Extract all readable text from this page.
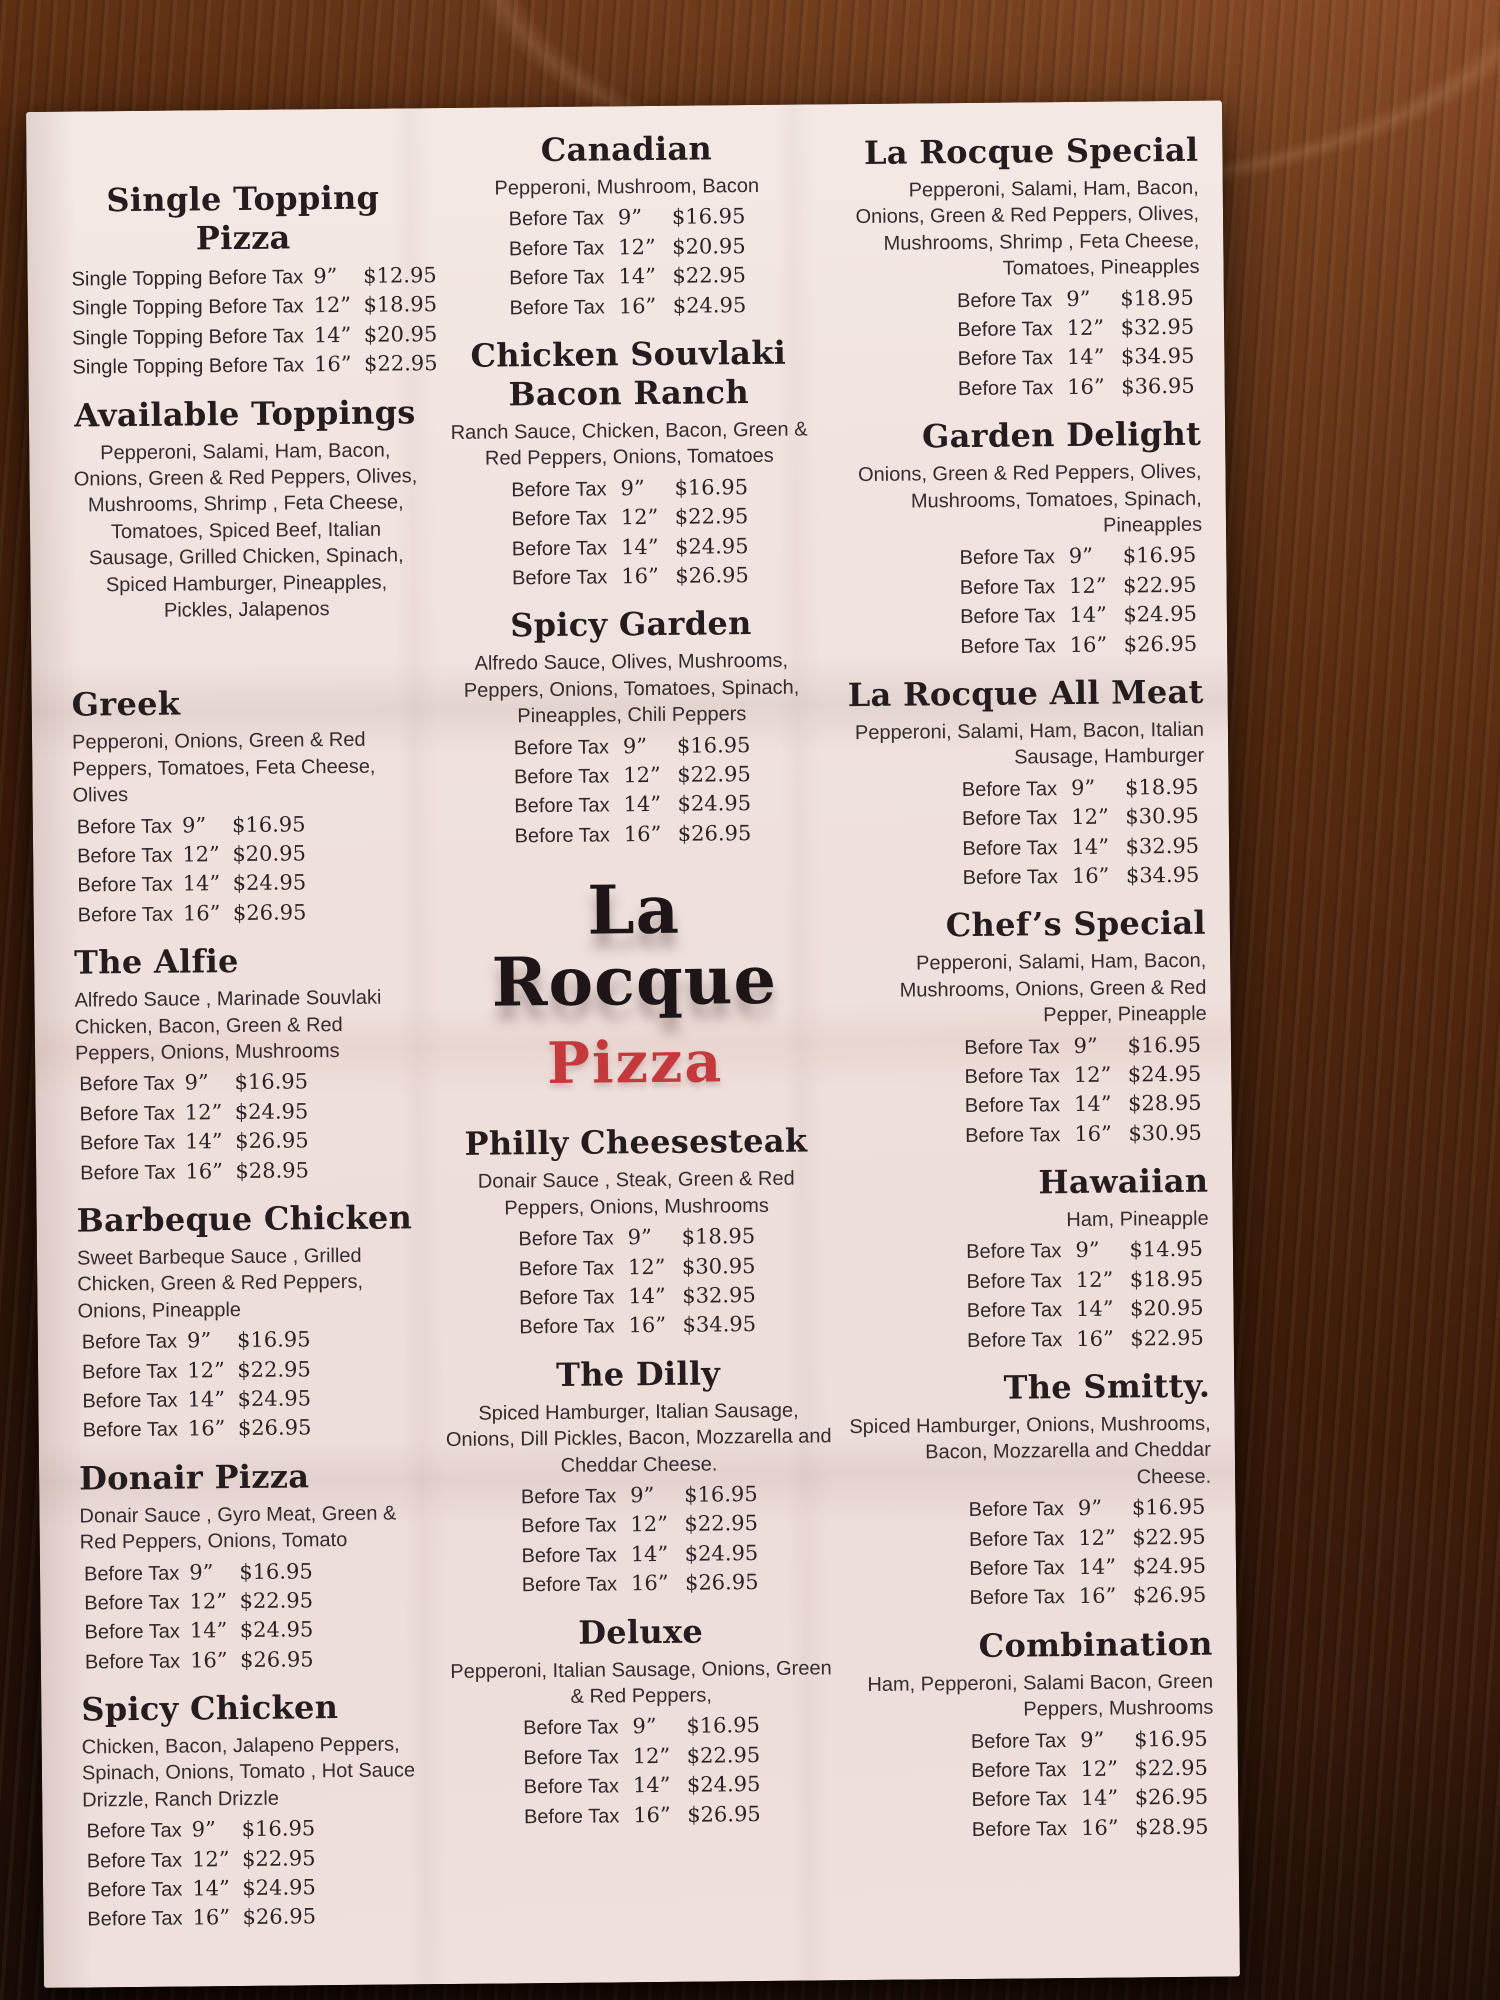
Single Topping Pizza
Single Topping Before Tax 9”	$12.95
Single Topping Before Tax 12” $18.95
Single Topping Before Tax 14” $20.95
Single Topping Before Tax 16” $22.95
Available Toppings

Pepperoni, Salami, Ham, Bacon, Onions, Green & Red Peppers, Olives, Mushrooms, Shrimp , Feta Cheese, Tomatoes, Spiced Beef, Italian Sausage, Grilled Chicken, Spinach, Spiced Hamburger, Pineapples, Pickles, Jalapenos

Greek

Pepperoni, Onions, Green & Red Peppers, Tomatoes, Feta Cheese, Olives

Before Tax 9”	$16.95
Before Tax 12” $20.95
Before Tax 14” $24.95
Before Tax 16” $26.95
The Alfie

Alfredo Sauce , Marinade Souvlaki Chicken, Bacon, Green & Red Peppers, Onions, Mushrooms

Before Tax 9”	$16.95
Before Tax 12” $24.95
Before Tax 14” $26.95
Before Tax 16” $28.95
Barbeque Chicken

Sweet Barbeque Sauce , Grilled Chicken, Green & Red Peppers, Onions, Pineapple

Before Tax 9”	$16.95
Before Tax 12” $22.95
Before Tax 14” $24.95
Before Tax 16” $26.95
Donair Pizza

Donair Sauce , Gyro Meat, Green & Red Peppers, Onions, Tomato

Before Tax 9”	$16.95
Before Tax 12” $22.95
Before Tax 14” $24.95
Before Tax 16” $26.95
Spicy Chicken

Chicken, Bacon, Jalapeno Peppers, Spinach, Onions, Tomato , Hot Sauce Drizzle, Ranch Drizzle

Before Tax 9”	$16.95
Before Tax 12” $22.95
Before Tax 14” $24.95
Before Tax 16” $26.95
Canadian

Pepperoni, Mushroom, Bacon

Before Tax 9”	$16.95
Before Tax 12” $20.95
Before Tax 14” $22.95
Before Tax 16” $24.95
Chicken Souvlaki Bacon Ranch

Ranch Sauce, Chicken, Bacon, Green & Red Peppers, Onions, Tomatoes

Before Tax 9”	$16.95
Before Tax 12” $22.95
Before Tax 14” $24.95
Before Tax 16” $26.95
Spicy Garden

Alfredo Sauce, Olives, Mushrooms, Peppers, Onions, Tomatoes, Spinach, Pineapples, Chili Peppers

Before Tax 9”	$16.95
Before Tax 12” $22.95
Before Tax 14” $24.95
Before Tax 16” $26.95
La Rocque
Pizza
Philly Cheesesteak

Donair Sauce , Steak, Green & Red Peppers, Onions, Mushrooms

Before Tax 9”	$18.95
Before Tax 12” $30.95
Before Tax 14” $32.95
Before Tax 16” $34.95
The Dilly

Spiced Hamburger, Italian Sausage, Onions, Dill Pickles, Bacon, Mozzarella and Cheddar Cheese.

Before Tax 9”	$16.95
Before Tax 12” $22.95
Before Tax 14” $24.95
Before Tax 16” $26.95
Deluxe

Pepperoni, Italian Sausage, Onions, Green & Red Peppers,

Before Tax 9”	$16.95
Before Tax 12” $22.95
Before Tax 14” $24.95
Before Tax 16” $26.95
La Rocque Special

Pepperoni, Salami, Ham, Bacon, Onions, Green & Red Peppers, Olives, Mushrooms, Shrimp , Feta Cheese, Tomatoes, Pineapples

Before Tax 9”	$18.95
Before Tax 12” $32.95
Before Tax 14” $34.95
Before Tax 16” $36.95
Garden Delight

Onions, Green & Red Peppers, Olives, Mushrooms, Tomatoes, Spinach, Pineapples

Before Tax 9”	$16.95
Before Tax 12” $22.95
Before Tax 14” $24.95
Before Tax 16” $26.95
La Rocque All Meat

Pepperoni, Salami, Ham, Bacon, Italian Sausage, Hamburger

Before Tax 9”	$18.95
Before Tax 12” $30.95
Before Tax 14” $32.95
Before Tax 16” $34.95
Chef’s Special

Pepperoni, Salami, Ham, Bacon, Mushrooms, Onions, Green & Red Pepper, Pineapple

Before Tax 9”	$16.95
Before Tax 12” $24.95
Before Tax 14” $28.95
Before Tax 16” $30.95
Hawaiian

Ham, Pineapple

Before Tax 9”	$14.95
Before Tax 12” $18.95
Before Tax 14” $20.95
Before Tax 16” $22.95
The Smitty.

Spiced Hamburger, Onions, Mushrooms, Bacon, Mozzarella and Cheddar Cheese.

Before Tax 9”	$16.95
Before Tax 12” $22.95
Before Tax 14” $24.95
Before Tax 16” $26.95
Combination

Ham, Pepperoni, Salami Bacon, Green Peppers, Mushrooms

Before Tax 9”	$16.95
Before Tax 12” $22.95
Before Tax 14” $26.95
Before Tax 16” $28.95
